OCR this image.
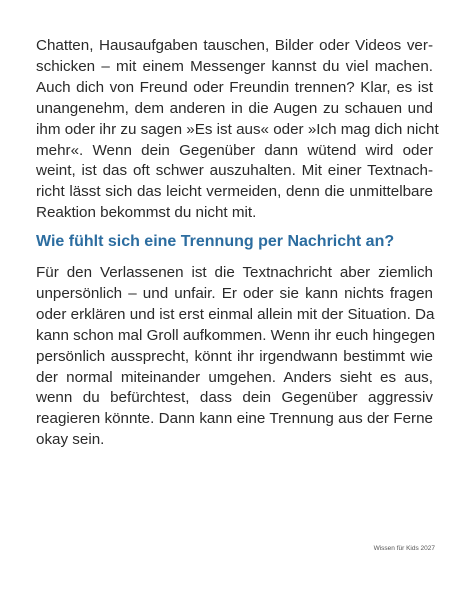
Chatten, Hausaufgaben tauschen, Bilder oder Videos ver-
schicken – mit einem Messenger kannst du viel machen.
Auch dich von Freund oder Freundin trennen? Klar, es ist
unangenehm, dem anderen in die Augen zu schauen und
ihm oder ihr zu sagen »Es ist aus« oder »Ich mag dich nicht
mehr«. Wenn dein Gegenüber dann wütend wird oder
weint, ist das oft schwer auszuhalten. Mit einer Textnach-
richt lässt sich das leicht vermeiden, denn die unmittelbare
Reaktion bekommst du nicht mit.
Wie fühlt sich eine Trennung per Nachricht an?
Für den Verlassenen ist die Textnachricht aber ziemlich
unpersönlich – und unfair. Er oder sie kann nichts fragen
oder erklären und ist erst einmal allein mit der Situation. Da
kann schon mal Groll aufkommen. Wenn ihr euch hingegen
persönlich aussprecht, könnt ihr irgendwann bestimmt wie
der normal miteinander umgehen. Anders sieht es aus,
wenn du befürchtest, dass dein Gegenüber aggressiv
reagieren könnte. Dann kann eine Trennung aus der Ferne
okay sein.
Wissen für Kids 2027
